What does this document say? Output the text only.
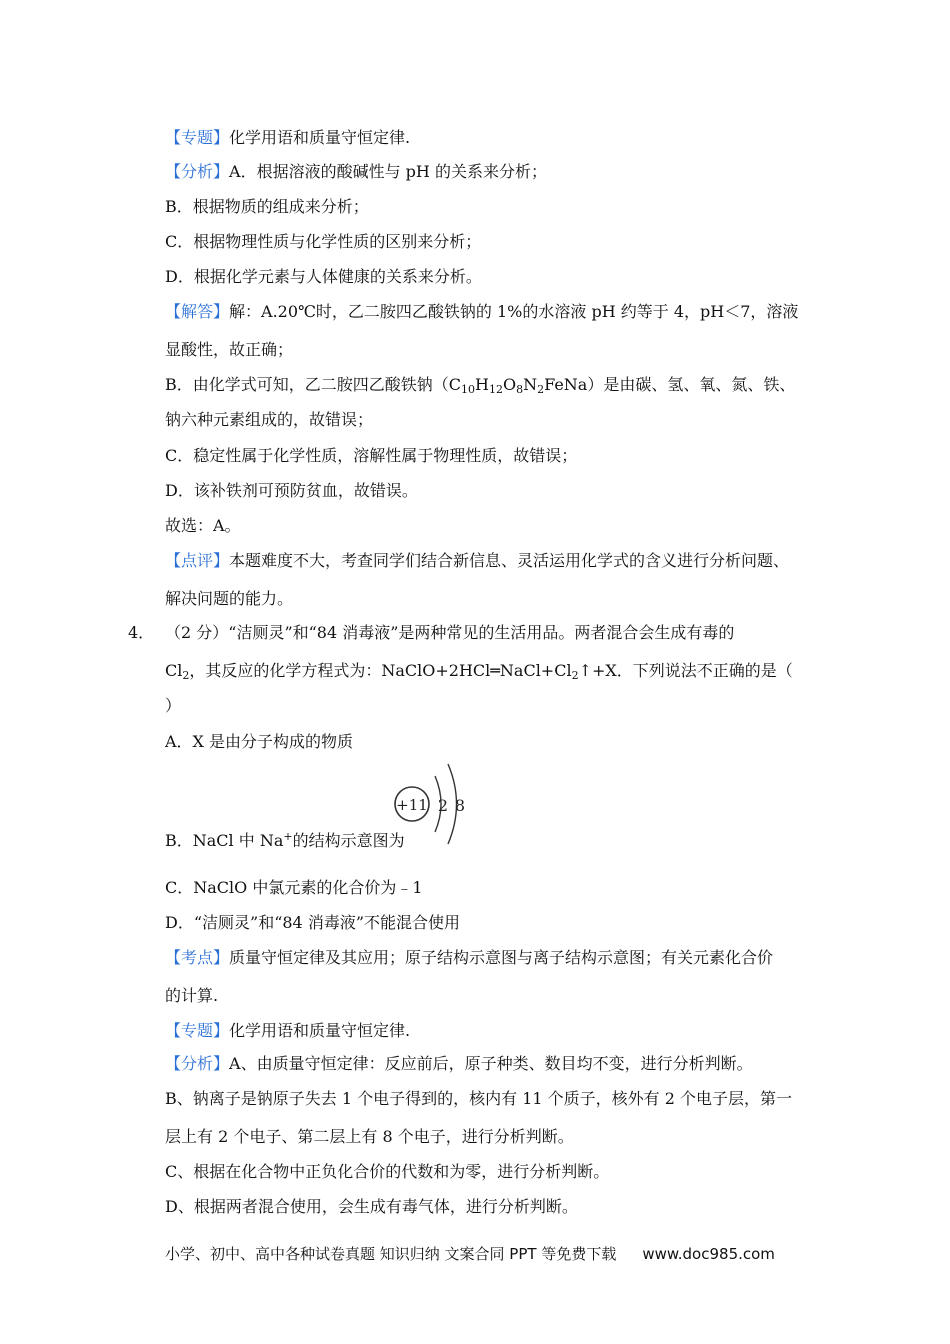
【专题】化学用语和质量守恒定律.
【分析】A．根据溶液的酸碱性与 pH 的关系来分析；
B．根据物质的组成来分析；
C．根据物理性质与化学性质的区别来分析；
D．根据化学元素与人体健康的关系来分析。
【解答】解：A.20℃时，乙二胺四乙酸铁钠的 1%的水溶液 pH 约等于 4，pH＜7，溶液
显酸性，故正确；
B．由化学式可知，乙二胺四乙酸铁钠$(C_{10}H_{12}O_8N_2FeNa)$是由碳、氢、氧、氮、铁、
钠六种元素组成的，故错误；
C．稳定性属于化学性质，溶解性属于物理性质，故错误；
D．该补铁剂可预防贫血，故错误。
故选：A。
【点评】本题难度不大，考查同学们结合新信息、灵活运用化学式的含义进行分析问题、
解决问题的能力。
4． （2 分）“洁厕灵”和“84 消毒液”是两种常见的生活用品。两者混合会生成有毒的
$Cl_2$，其反应的化学方程式为：$NaClO+2HCl═NaCl+Cl_2↑+X$．下列说法不正确的是（
）
A．X 是由分子构成的物质
+11 2 8
B．NaCl 中 Na+的结构示意图为
C．NaClO 中氯元素的化合价为﹣1
D．“洁厕灵”和“84 消毒液”不能混合使用
【考点】质量守恒定律及其应用；原子结构示意图与离子结构示意图；有关元素化合价
的计算.
【专题】化学用语和质量守恒定律.
【分析】A、由质量守恒定律：反应前后，原子种类、数目均不变，进行分析判断。
B、钠离子是钠原子失去 1 个电子得到的，核内有 11 个质子，核外有 2 个电子层，第一
层上有 2 个电子、第二层上有 8 个电子，进行分析判断。
C、根据在化合物中正负化合价的代数和为零，进行分析判断。
D、根据两者混合使用，会生成有毒气体，进行分析判断。
小学、初中、高中各种试卷真题 知识归纳 文案合同 PPT 等免费下载 www.doc985.com
